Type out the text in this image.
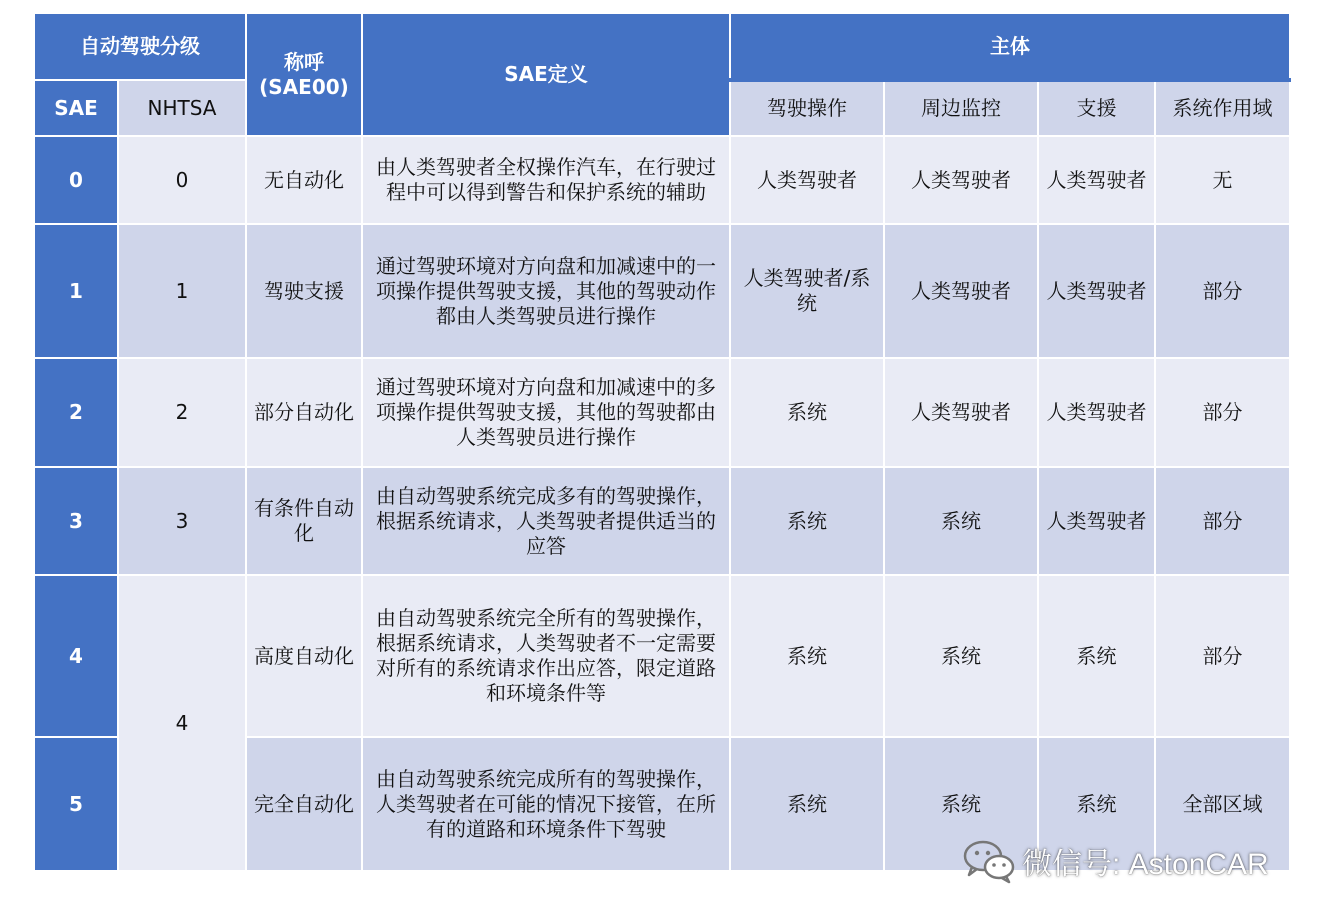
自动驾驶分级		称呼
(SAE00)	SAE定义	主体			
SAE	NHTSA			驾驶操作	周边监控	支援	系统作用域
0	0	无自动化	由人类驾驶者全权操作汽车，在行驶过程中可以得到警告和保护系统的辅助	人类驾驶者	人类驾驶者	人类驾驶者	无
1	1	驾驶支援	通过驾驶环境对方向盘和加减速中的一项操作提供驾驶支援，其他的驾驶动作都由人类驾驶员进行操作	人类驾驶者/系统	人类驾驶者	人类驾驶者	部分
2	2	部分自动化	通过驾驶环境对方向盘和加减速中的多项操作提供驾驶支援，其他的驾驶都由人类驾驶员进行操作	系统	人类驾驶者	人类驾驶者	部分
3	3	有条件自动化	由自动驾驶系统完成多有的驾驶操作，根据系统请求，人类驾驶者提供适当的应答	系统	系统	人类驾驶者	部分
4	4	高度自动化	由自动驾驶系统完全所有的驾驶操作，根据系统请求，人类驾驶者不一定需要对所有的系统请求作出应答，限定道路和环境条件等	系统	系统	系统	部分
5		完全自动化	由自动驾驶系统完成所有的驾驶操作，人类驾驶者在可能的情况下接管，在所有的道路和环境条件下驾驶	系统	系统	系统	全部区域
微信号: AstonCAR
